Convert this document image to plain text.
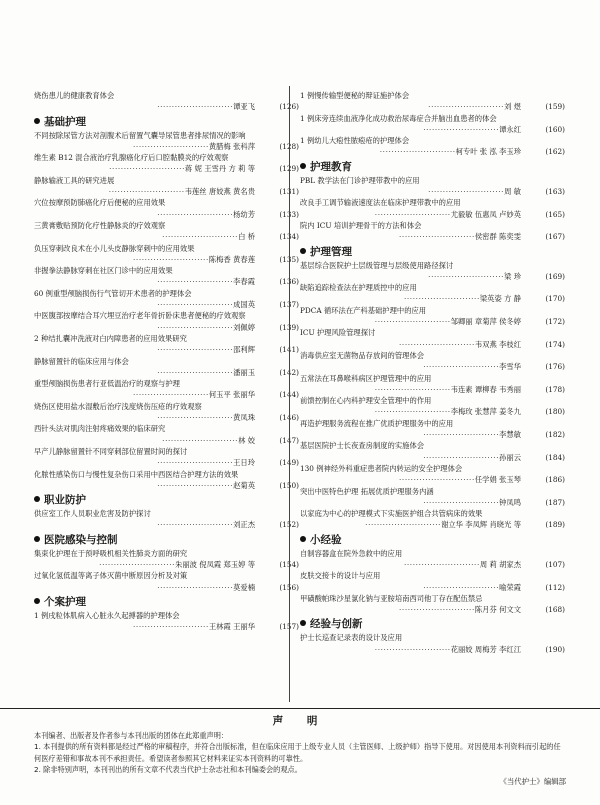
烧伤患儿的健康教育体会
··························谭亚飞	(126)
基础护理
不同按除尿管方法对剖腹术后留置气囊导尿管患者排尿情况的影响
··························黄腊梅 张科萍	(128)
维生素 B12 混合液治疗乳腺癌化疗后口腔黏膜炎的疗效观察
··························蒋 妮 王雪丹 方 莉 等	(129)
静脉输液工具的研究进展
··························韦莲丝 唐姣燕 黄名贵	(131)
穴位按摩预防肺癌化疗后便秘的应用效果
··························杨幼芳	(133)
三黄膏敷贴预防化疗性静脉炎的疗效观察
··························白 桥	(134)
负压穿刺改良术在小儿头皮静脉穿刺中的应用效果
··························陈梅香 黄春莲	(135)
非握拳法静脉穿刺在社区门诊中的应用效果
··························李春霞	(136)
60 例重型颅脑损伤行气管切开术患者的护理体会
··························成国英	(137)
中医腹部按摩结合耳穴埋豆治疗老年骨折卧床患者便秘的疗效观察
··························刘佩婷	(139)
2 种结扎囊冲洗液对白内障患者的应用效果研究
··························邵利辉	(141)
静脉留置针的临床应用与体会
··························潘丽玉	(142)
重型颅脑损伤患者行亚低温治疗的观察与护理
··························何玉平 张丽华	(144)
烧伤区使用盐水湿敷后治疗浅度烧伤压疮的疗效观察
··························黄凤珠	(146)
西针头法对肌肉注射疼痛效果的临床研究
··························林 姣	(147)
早产儿静脉留置针不同穿刺部位留置时间的探讨
··························王日玲	(149)
化脓性感染伤口与慢性复杂伤口采用中西医结合护理方法的效果
··························赵菊英	(150)
职业防护
供应室工作人员职业危害及防护探讨
··························刘正杰	(152)
医院感染与控制
集束化护理在于预呼吸机相关性肺炎方面的研究
··························朱丽波 倪凤霞 郑玉婷 等	(154)
过氧化氢低温等离子体灭菌中断原因分析及对策
··························莫爱楠	(156)
个案护理
1 例戌粒体肌病入心脏永久起搏器的护理体会
··························王林霞 王丽华	(157)
1 例慢传输型便秘的辩证施护体会
··························刘 煜	(159)
1 例床旁连续血液净化成功救治尿毒症合并脑出血患者的体会
··························谭永红	(160)
1 例幼儿大疱性脓疱疮的护理体会
··························柯专叶 张 泓 李玉珍	(162)
护理教育
PBL 教学法在门诊护理带教中的应用
··························周 敏	(163)
改良手工调节输液速度法在临床护理带教中的应用
··························尤毅敏 伍惠凤 卢妙英	(165)
院内 ICU 培训护理骨干的方法和体会
··························侯密群 陈奕雯	(167)
护理管理
基层综合医院护士层级管理与层级使用路径探讨
··························梁 珍	(169)
缺陷追踪检查法在护理质控中的应用
··························梁英姿 方 静	(170)
PDCA 循环法在产科基础护理中的应用
··························邹卿丽 章菊萍 侯冬婷	(172)
ICU 护理风险管理探讨
··························韦双燕 李枝红	(174)
消毒供应室无菌物品存放间的管理体会
··························李雪华	(176)
五常法在耳鼻喉科病区护理管理中的应用
··························韦连素 谭柳春 韦秀丽	(178)
前馈控制在心内科护理安全管理中的作用
··························李梅玫 张慧萍 姜冬九	(180)
再造护理服务流程在推广优质护理服务中的应用
··························李慧敏	(182)
基层医院护士长夜查房制度的实施体会
··························孙丽云	(184)
130 例神经外科重症患者院内转运的安全护理体会
··························任学娟 张玉琴	(186)
突出中医特色护理 拓展优质护理服务内涵
··························钟凤鸣	(187)
以家庭为中心的护理模式下实施医护组合共管病床的效果
··························谢立华 李凤辉 肖晓光 等	(189)
小经验
自制容器盒在院外急救中的应用
··························周 莉 胡家杰	(107)
皮肤交接卡的设计与应用
··························喻荣霞	(112)
甲磺酸帕珠沙星氯化钠与亚胺培南西司他丁存在配伍禁忌
··························陈月芬 何文文	(168)
经验与创新
护士长巡查记录表的设计及应用
··························花丽姣 周梅芳 李红江	(190)
声 明

本刊编者、出版者及作者参与本刊出版的团体在此郑重声明：

1. 本刊提供的所有资料都是经过严格的审稿程序，并符合出版标准，但在临床应用于上级专业人员（主管医师、上级护师）指导下使用。对因使用本刊资料而引起的任何医疗差错和事故本刊不承担责任。希望读者参照其它材料来证实本刊资料的可靠性。

2. 除非特别声明，本刊刊出的所有文章不代表当代护士杂志社和本刊编委会的观点。

《当代护士》编辑部
